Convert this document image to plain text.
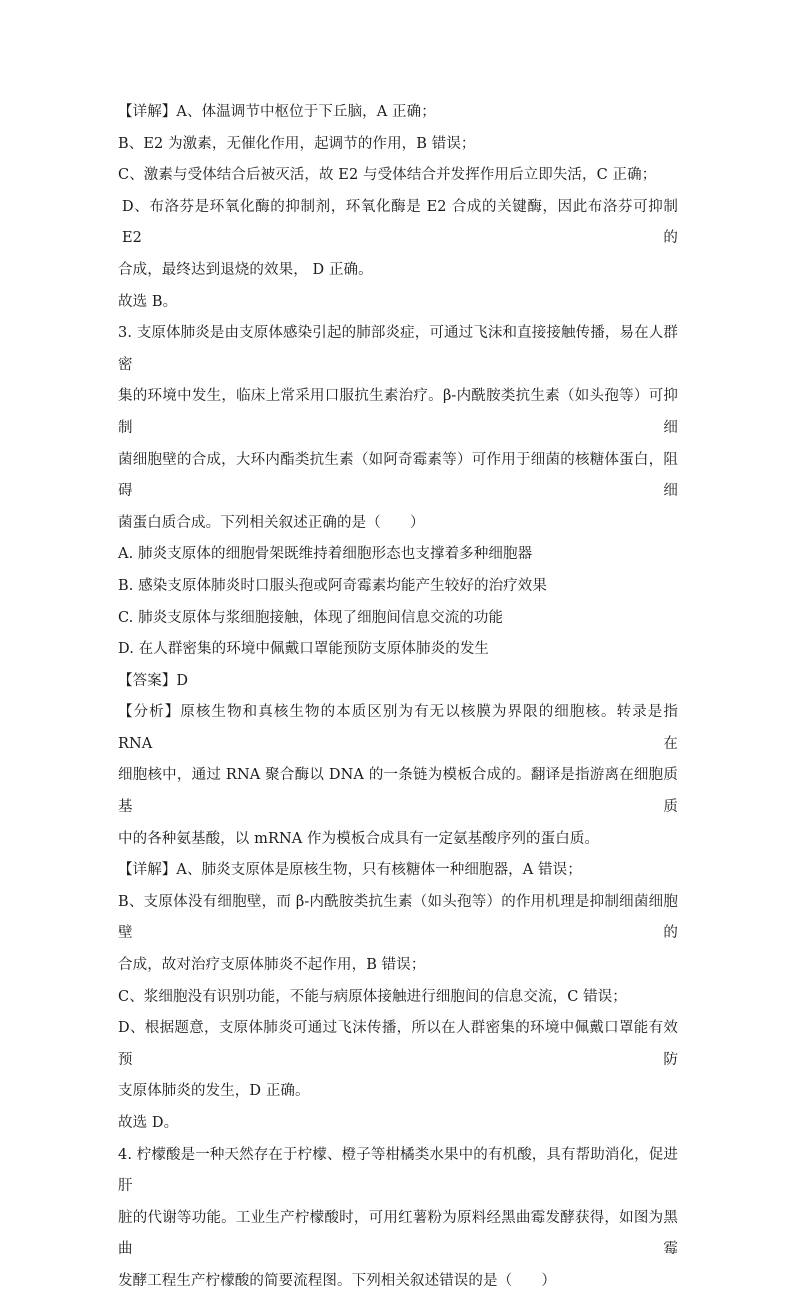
【详解】A、体温调节中枢位于下丘脑，A 正确；
B、E2 为激素，无催化作用，起调节的作用，B 错误；
C、激素与受体结合后被灭活，故 E2 与受体结合并发挥作用后立即失活，C 正确；
D、布洛芬是环氧化酶的抑制剂，环氧化酶是 E2 合成的关键酶，因此布洛芬可抑制 E2 的
合成，最终达到退烧的效果， D 正确。
故选 B。
3. 支原体肺炎是由支原体感染引起的肺部炎症，可通过飞沫和直接接触传播，易在人群密
集的环境中发生，临床上常采用口服抗生素治疗。β-内酰胺类抗生素（如头孢等）可抑制细
菌细胞壁的合成，大环内酯类抗生素（如阿奇霉素等）可作用于细菌的核糖体蛋白，阻碍细
菌蛋白质合成。下列相关叙述正确的是（　　）
A. 肺炎支原体的细胞骨架既维持着细胞形态也支撑着多种细胞器
B. 感染支原体肺炎时口服头孢或阿奇霉素均能产生较好的治疗效果
C. 肺炎支原体与浆细胞接触，体现了细胞间信息交流的功能
D. 在人群密集的环境中佩戴口罩能预防支原体肺炎的发生
【答案】D
【分析】原核生物和真核生物的本质区别为有无以核膜为界限的细胞核。转录是指 RNA 在
细胞核中，通过 RNA 聚合酶以 DNA 的一条链为模板合成的。翻译是指游离在细胞质基质
中的各种氨基酸，以 mRNA 作为模板合成具有一定氨基酸序列的蛋白质。
【详解】A、肺炎支原体是原核生物，只有核糖体一种细胞器，A 错误；
B、支原体没有细胞壁，而 β-内酰胺类抗生素（如头孢等）的作用机理是抑制细菌细胞壁的
合成，故对治疗支原体肺炎不起作用，B 错误；
C、浆细胞没有识别功能，不能与病原体接触进行细胞间的信息交流，C 错误；
D、根据题意，支原体肺炎可通过飞沫传播，所以在人群密集的环境中佩戴口罩能有效预防
支原体肺炎的发生，D 正确。
故选 D。
4. 柠檬酸是一种天然存在于柠檬、橙子等柑橘类水果中的有机酸，具有帮助消化，促进肝
脏的代谢等功能。工业生产柠檬酸时，可用红薯粉为原料经黑曲霉发酵获得，如图为黑曲霉
发酵工程生产柠檬酸的简要流程图。下列相关叙述错误的是（　　）
